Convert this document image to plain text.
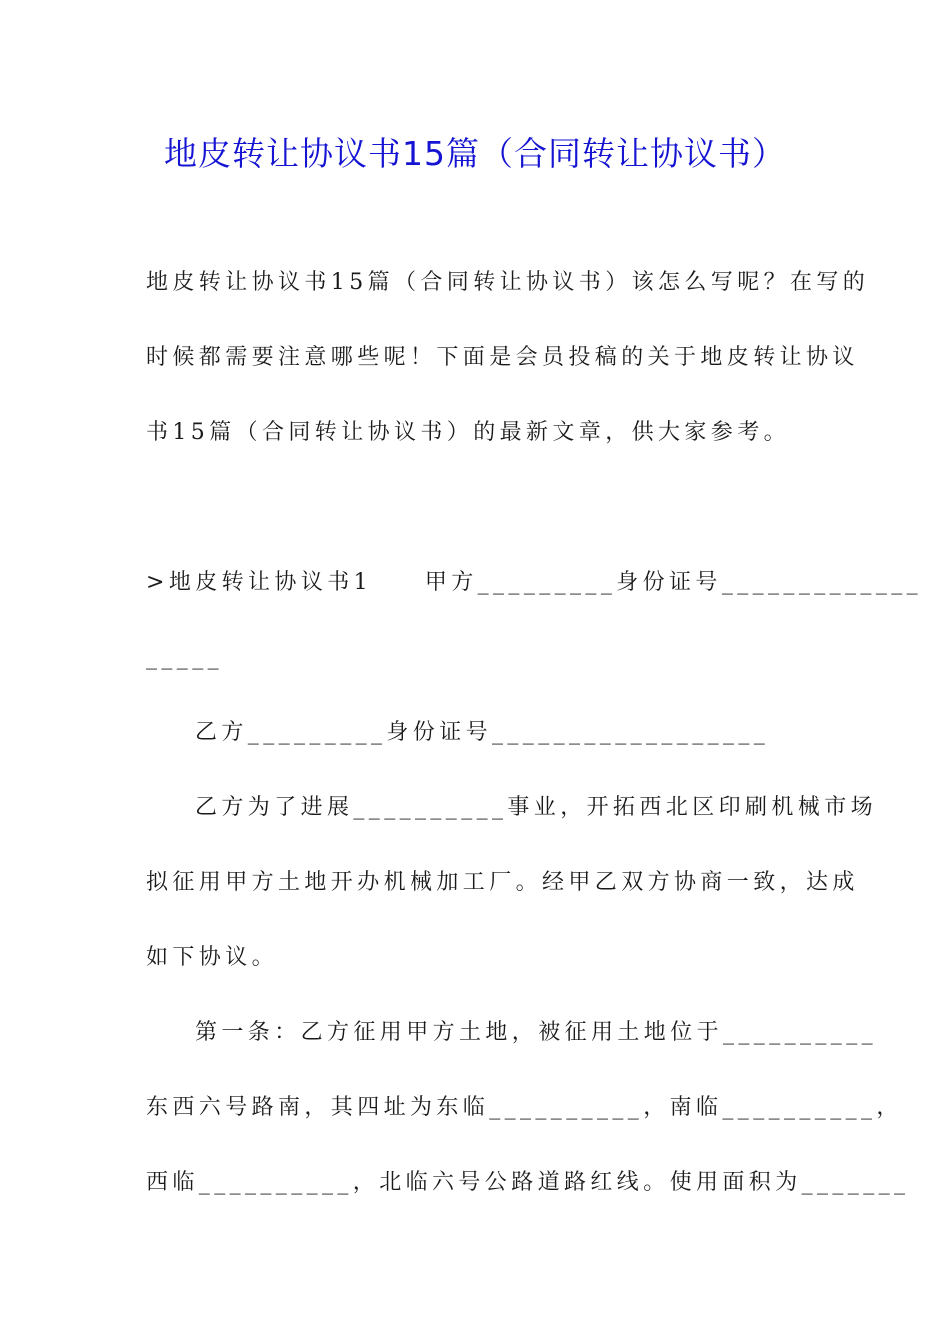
地皮转让协议书15篇（合同转让协议书）
地皮转让协议书15篇（合同转让协议书）该怎么写呢？在写的
时候都需要注意哪些呢！下面是会员投稿的关于地皮转让协议
书15篇（合同转让协议书）的最新文章，供大家参考。
>地皮转让协议书1　　甲方_________身份证号_____________
_____
乙方_________身份证号__________________
乙方为了进展__________事业，开拓西北区印刷机械市场
拟征用甲方土地开办机械加工厂。经甲乙双方协商一致，达成
如下协议。
第一条：乙方征用甲方土地，被征用土地位于__________
东西六号路南，其四址为东临__________，南临__________，
西临__________，北临六号公路道路红线。使用面积为_______
